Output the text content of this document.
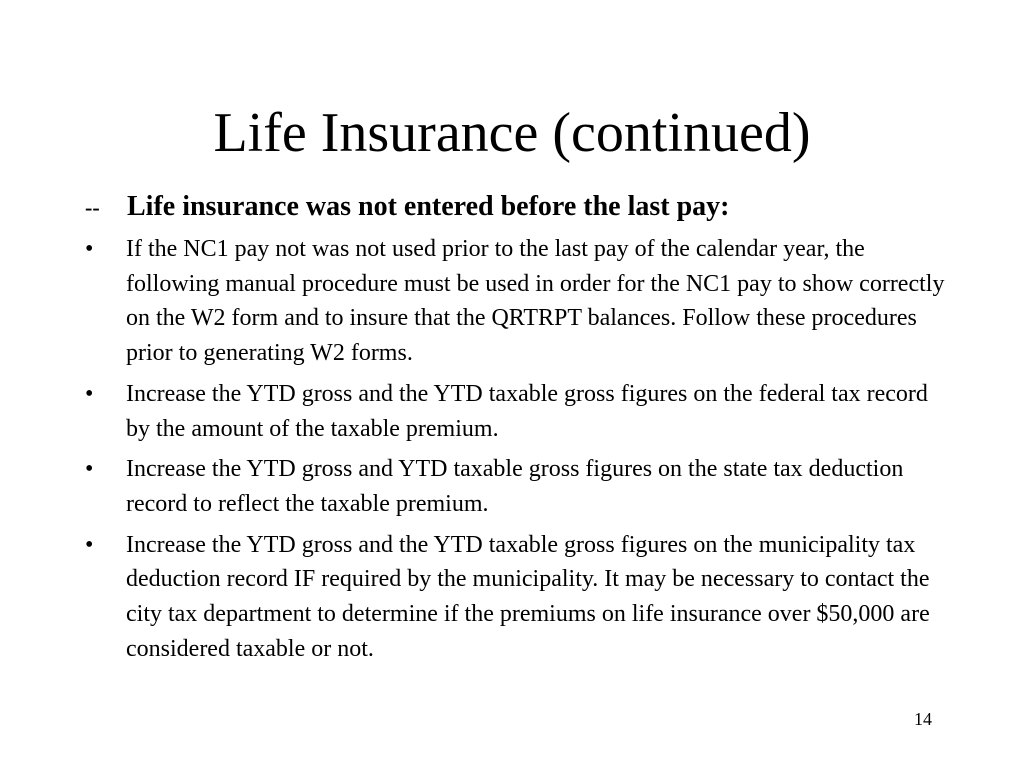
Life Insurance (continued)
-- Life insurance was not entered before the last pay:
•	If the NC1 pay not was not used prior to the last pay of the calendar year, the following manual procedure must be used in order for the NC1 pay to show correctly on the W2 form and to insure that the QRTRPT balances. Follow these procedures prior to generating W2 forms.
•	Increase the YTD gross and the YTD taxable gross figures on the federal tax record by the amount of the taxable premium.
•	Increase the YTD gross and YTD taxable gross figures on the state tax deduction record to reflect the taxable premium.
•	Increase the YTD gross and the YTD taxable gross figures on the municipality tax deduction record IF required by the municipality. It may be necessary to contact the city tax department to determine if the premiums on life insurance over $50,000 are considered taxable or not.
14
